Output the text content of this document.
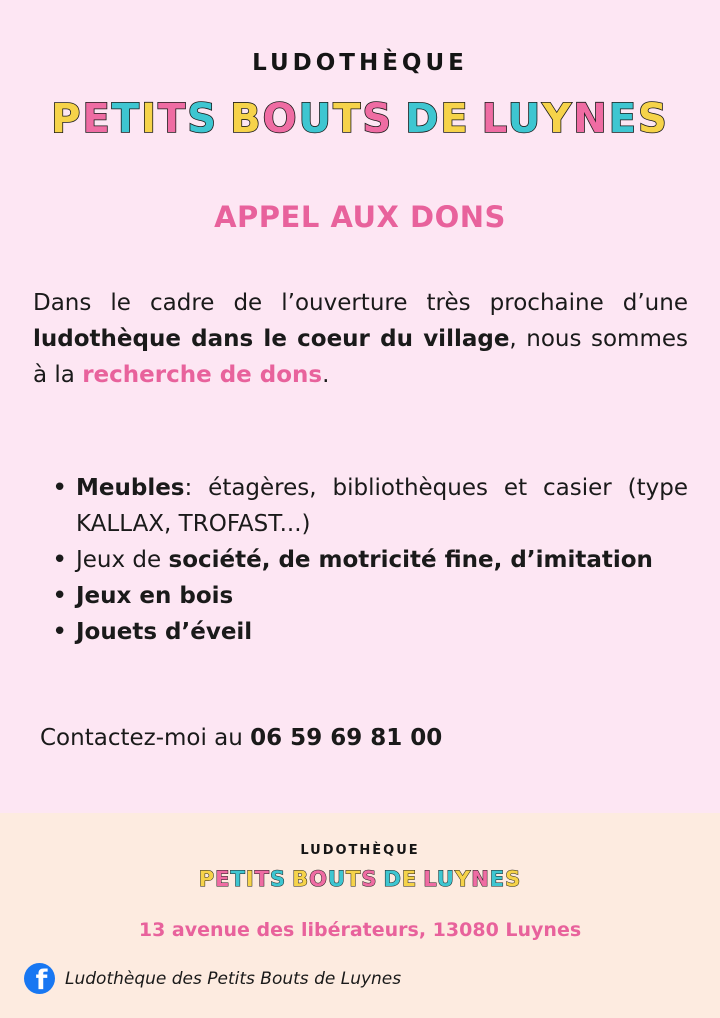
LUDOTHÈQUE
PETITS BOUTS DE LUYNES
APPEL AUX DONS

Dans le cadre de l’ouverture très prochaine d’une ludothèque dans le coeur du village, nous sommes à la recherche de dons.

• Meubles: étagères, bibliothèques et casier (type KALLAX, TROFAST...)
• Jeux de société, de motricité fine, d’imitation
• Jeux en bois
• Jouets d’éveil
Contactez-moi au 06 59 69 81 00
LUDOTHÈQUE
PETITS BOUTS DE LUYNES
13 avenue des libérateurs, 13080 Luynes
f Ludothèque des Petits Bouts de Luynes
